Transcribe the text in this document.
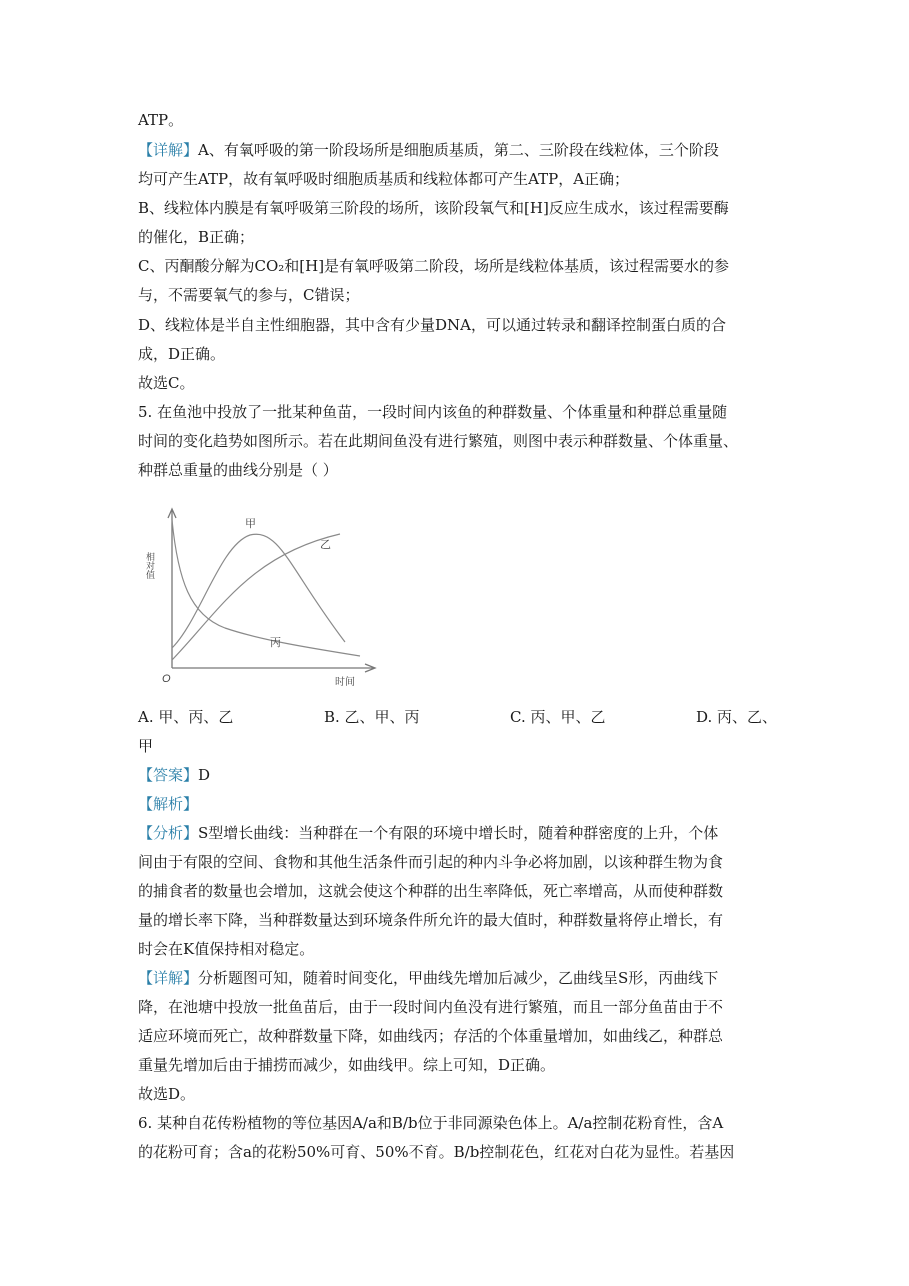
ATP。
【详解】A、有氧呼吸的第一阶段场所是细胞质基质，第二、三阶段在线粒体，三个阶段
均可产生ATP，故有氧呼吸时细胞质基质和线粒体都可产生ATP，A正确；
B、线粒体内膜是有氧呼吸第三阶段的场所，该阶段氧气和[H]反应生成水，该过程需要酶
的催化，B正确；
C、丙酮酸分解为CO₂和[H]是有氧呼吸第二阶段，场所是线粒体基质，该过程需要水的参
与，不需要氧气的参与，C错误；
D、线粒体是半自主性细胞器，其中含有少量DNA，可以通过转录和翻译控制蛋白质的合
成，D正确。
故选C。
5. 在鱼池中投放了一批某种鱼苗，一段时间内该鱼的种群数量、个体重量和种群总重量随
时间的变化趋势如图所示。若在此期间鱼没有进行繁殖，则图中表示种群数量、个体重量、
种群总重量的曲线分别是（ ）
相对值
时间
O
甲
乙
丙
A. 甲、丙、乙	B. 乙、甲、丙	C. 丙、甲、乙	D. 丙、乙、
甲
【答案】D
【解析】
【分析】S型增长曲线：当种群在一个有限的环境中增长时，随着种群密度的上升，个体
间由于有限的空间、食物和其他生活条件而引起的种内斗争必将加剧，以该种群生物为食
的捕食者的数量也会增加，这就会使这个种群的出生率降低，死亡率增高，从而使种群数
量的增长率下降，当种群数量达到环境条件所允许的最大值时，种群数量将停止增长，有
时会在K值保持相对稳定。
【详解】分析题图可知，随着时间变化，甲曲线先增加后减少，乙曲线呈S形，丙曲线下
降，在池塘中投放一批鱼苗后，由于一段时间内鱼没有进行繁殖，而且一部分鱼苗由于不
适应环境而死亡，故种群数量下降，如曲线丙；存活的个体重量增加，如曲线乙，种群总
重量先增加后由于捕捞而减少，如曲线甲。综上可知，D正确。
故选D。
6. 某种自花传粉植物的等位基因A/a和B/b位于非同源染色体上。A/a控制花粉育性，含A
的花粉可育；含a的花粉50%可育、50%不育。B/b控制花色，红花对白花为显性。若基因
